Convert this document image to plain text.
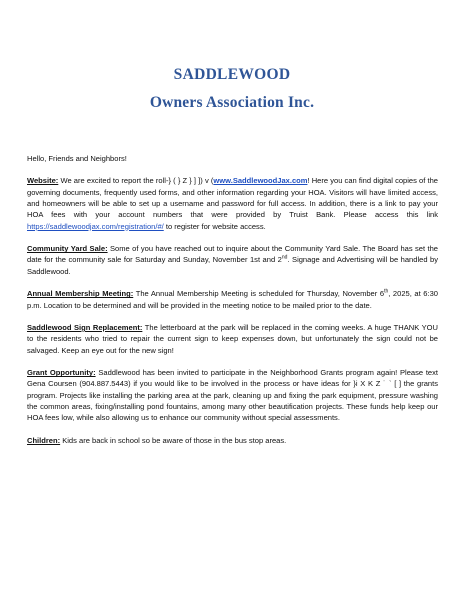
SADDLEWOOD
Owners Association Inc.

Hello, Friends and Neighbors!

Website: We are excited to report the roll-} ( } Z } ] ]) v (www.SaddlewoodJax.com! Here you can find digital copies of the governing documents, frequently used forms, and other information regarding your HOA. Visitors will have limited access, and homeowners will be able to set up a username and password for full access. In addition, there is a link to pay your HOA fees with your account numbers that were provided by Truist Bank. Please access this link https://saddlewoodjax.com/registration/#/ to register for website access.

Community Yard Sale: Some of you have reached out to inquire about the Community Yard Sale. The Board has set the date for the community sale for Saturday and Sunday, November 1st and 2nd. Signage and Advertising will be handled by Saddlewood.

Annual Membership Meeting: The Annual Membership Meeting is scheduled for Thursday, November 6th, 2025, at 6:30 p.m. Location to be determined and will be provided in the meeting notice to be mailed prior to the date.

Saddlewood Sign Replacement: The letterboard at the park will be replaced in the coming weeks. A huge THANK YOU to the residents who tried to repair the current sign to keep expenses down, but unfortunately the sign could not be salvaged. Keep an eye out for the new sign!

Grant Opportunity: Saddlewood has been invited to participate in the Neighborhood Grants program again! Please text Gena Coursen (904.887.5443) if you would like to be involved in the process or have ideas for }i X K Z ˙ ` [ ] the grants program. Projects like installing the parking area at the park, cleaning up and fixing the park equipment, pressure washing the common areas, fixing/installing pond fountains, among many other beautification projects. These funds help keep our HOA fees low, while also allowing us to enhance our community without special assessments.

Children: Kids are back in school so be aware of those in the bus stop areas.
